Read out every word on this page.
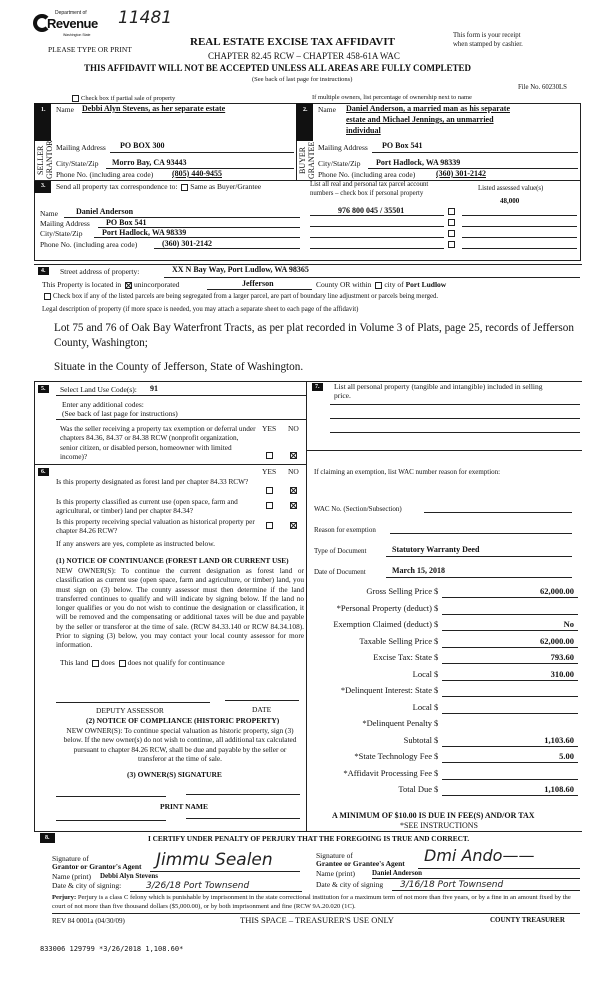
Department of
Revenue
Washington State
11481
PLEASE TYPE OR PRINT
REAL ESTATE EXCISE TAX AFFIDAVIT
CHAPTER 82.45 RCW – CHAPTER 458-61A WAC
THIS AFFIDAVIT WILL NOT BE ACCEPTED UNLESS ALL AREAS ARE FULLY COMPLETED
(See back of last page for instructions)
This form is your receipt
when stamped by cashier.
File No. 60230LS
If multiple owners, list percentage of ownership next to name
Check box if partial sale of property
1.
SELLER
GRANTOR
Name Debbi Alyn Stevens, as her separate estate
Mailing Address PO BOX 300
City/State/Zip Morro Bay, CA 93443
Phone No. (including area code) (805) 440-9455
2.
BUYER
GRANTEE
Name Daniel Anderson, a married man as his separate
estate and Michael Jennings, an unmarried
individual
Mailing Address PO Box 541
City/State/Zip Port Hadlock, WA 98339
Phone No. (including area code)	(360) 301-2142
3.	Send all property tax correspondence to: Same as Buyer/Grantee
Name Daniel Anderson
Mailing Address PO Box 541
City/State/Zip Port Hadlock, WA 98339
Phone No. (including area code)	(360) 301-2142
List all real and personal tax parcel account
numbers – check box if personal property
Listed assessed value(s)
48,000
976 800 045 / 35501
4.	Street address of property:	XX N Bay Way, Port Ludlow, WA 98365
This Property is located in unincorporated	Jefferson	County OR within city of Port Ludlow
Check box if any of the listed parcels are being segregated from a larger parcel, are part of boundary line adjustment or parcels being merged.
Legal description of property (if more space is needed, you may attach a separate sheet to each page of the affidavit)
Lot 75 and 76 of Oak Bay Waterfront Tracts, as per plat recorded in Volume 3 of Plats, page 25, records of Jefferson
County, Washington;
Situate in the County of Jefferson, State of Washington.
5.	Select Land Use Code(s): 91
Enter any additional codes:
(See back of last page for instructions)
YES NO
Was the seller receiving a property tax exemption or deferral under chapters 84.36, 84.37 or 84.38 RCW (nonprofit organization, senior citizen, or disabled person, homeowner with limited income)?
6.	YES NO
Is this property designated as forest land per chapter 84.33 RCW?
Is this property classified as current use (open space, farm and agricultural, or timber) land per chapter 84.34?
Is this property receiving special valuation as historical property per chapter 84.26 RCW?
If any answers are yes, complete as instructed below.
(1) NOTICE OF CONTINUANCE (FOREST LAND OR CURRENT USE)
NEW OWNER(S): To continue the current designation as forest land or classification as current use (open space, farm and agriculture, or timber) land, you must sign on (3) below. The county assessor must then determine if the land transferred continues to qualify and will indicate by signing below. If the land no longer qualifies or you do not wish to continue the designation or classification, it will be removed and the compensating or additional taxes will be due and payable by the seller or transferor at the time of sale. (RCW 84.33.140 or RCW 84.34.108). Prior to signing (3) below, you may contact your local county assessor for more information.
This land does does not qualify for continuance
DEPUTY ASSESSOR	DATE
(2) NOTICE OF COMPLIANCE (HISTORIC PROPERTY)
NEW OWNER(S): To continue special valuation as historic property, sign (3) below. If the new owner(s) do not wish to continue, all additional tax calculated pursuant to chapter 84.26 RCW, shall be due and payable by the seller or transferor at the time of sale.
(3) OWNER(S) SIGNATURE
PRINT NAME
7.	List all personal property (tangible and intangible) included in selling
price.
If claiming an exemption, list WAC number reason for exemption:
WAC No. (Section/Subsection)
Reason for exemption
Type of Document	Statutory Warranty Deed
Date of Document	March 15, 2018
Gross Selling Price $	62,000.00
*Personal Property (deduct) $
Exemption Claimed (deduct) $	No
Taxable Selling Price $	62,000.00
Excise Tax: State $	793.60
Local $	310.00
*Delinquent Interest: State $
Local $
*Delinquent Penalty $
Subtotal $	1,103.60
*State Technology Fee $	5.00
*Affidavit Processing Fee $
Total Due $	1,108.60
A MINIMUM OF $10.00 IS DUE IN FEE(S) AND/OR TAX
*SEE INSTRUCTIONS
8.	I CERTIFY UNDER PENALTY OF PERJURY THAT THE FOREGOING IS TRUE AND CORRECT.
Signature of
Grantor or Grantor's Agent Jimmu Sealen
Name (print) Debbi Alyn Stevens
Date & city of signing:	3/26/18 Port Townsend
Signature of
Grantee or Grantee's Agent Dmi Ando——
Name (print) Daniel Anderson
Date & city of signing 3/16/18 Port Townsend
Perjury: Perjury is a class C felony which is punishable by imprisonment in the state correctional institution for a maximum term of not more than five years, or by a fine in an amount fixed by the court of not more than five thousand dollars ($5,000.00), or by both imprisonment and fine (RCW 9A.20.020 (1C).
REV 84 0001a (04/30/09)	THIS SPACE – TREASURER'S USE ONLY	COUNTY TREASURER
833006 129799 *3/26/2018 1,108.60*
